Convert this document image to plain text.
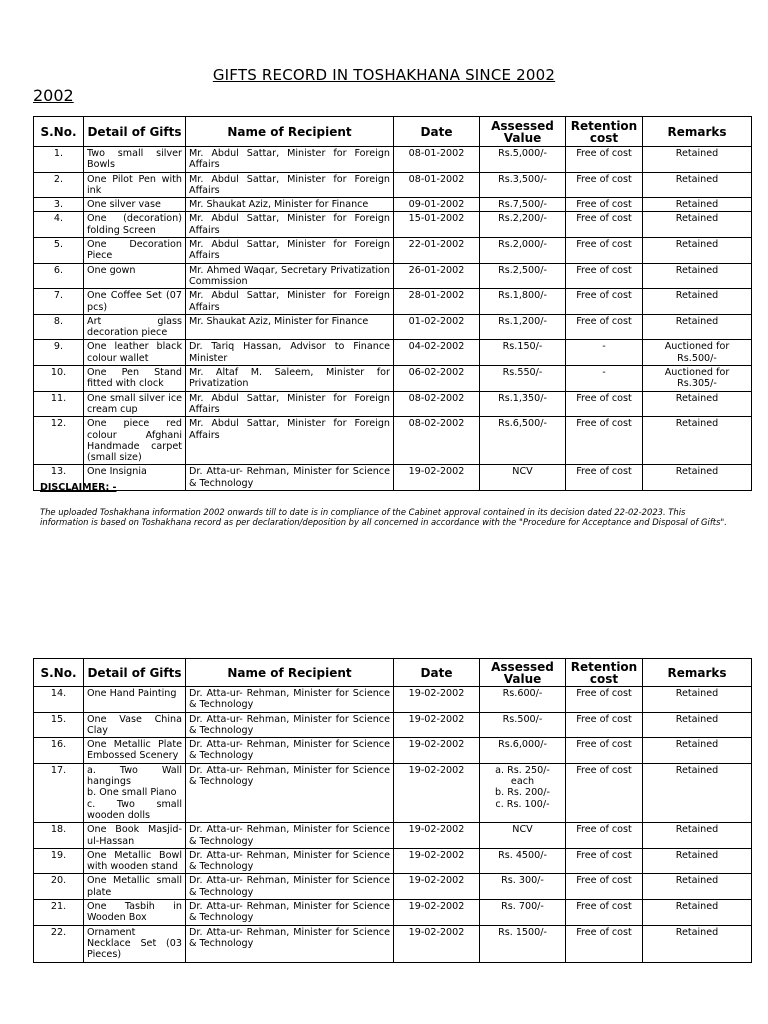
GIFTS RECORD IN TOSHAKHANA SINCE 2002
2002
S.No.	Detail of Gifts	Name of Recipient	Date	Assessed Value	Retention cost	Remarks
1.	Two small silver Bowls	Mr. Abdul Sattar, Minister for Foreign Affairs	08-01-2002	Rs.5,000/-	Free of cost	Retained
2.	One Pilot Pen with ink	Mr. Abdul Sattar, Minister for Foreign Affairs	08-01-2002	Rs.3,500/-	Free of cost	Retained
3.	One silver vase	Mr. Shaukat Aziz, Minister for Finance	09-01-2002	Rs.7,500/-	Free of cost	Retained
4.	One (decoration) folding Screen	Mr. Abdul Sattar, Minister for Foreign Affairs	15-01-2002	Rs.2,200/-	Free of cost	Retained
5.	One Decoration Piece	Mr. Abdul Sattar, Minister for Foreign Affairs	22-01-2002	Rs.2,000/-	Free of cost	Retained
6.	One gown	Mr. Ahmed Waqar, Secretary Privatization Commission	26-01-2002	Rs.2,500/-	Free of cost	Retained
7.	One Coffee Set (07 pcs)	Mr. Abdul Sattar, Minister for Foreign Affairs	28-01-2002	Rs.1,800/-	Free of cost	Retained
8.	Art glass decoration piece	Mr. Shaukat Aziz, Minister for Finance	01-02-2002	Rs.1,200/-	Free of cost	Retained
9.	One leather black colour wallet	Dr. Tariq Hassan, Advisor to Finance Minister	04-02-2002	Rs.150/-	-	Auctioned for Rs.500/-
10.	One Pen Stand fitted with clock	Mr. Altaf M. Saleem, Minister for Privatization	06-02-2002	Rs.550/-	-	Auctioned for Rs.305/-
11.	One small silver ice cream cup	Mr. Abdul Sattar, Minister for Foreign Affairs	08-02-2002	Rs.1,350/-	Free of cost	Retained
12.	One piece red colour Afghani Handmade carpet (small size)	Mr. Abdul Sattar, Minister for Foreign Affairs	08-02-2002	Rs.6,500/-	Free of cost	Retained
13.	One Insignia	Dr. Atta-ur- Rehman, Minister for Science & Technology	19-02-2002	NCV	Free of cost	Retained
DISCLAIMER: -
The uploaded Toshakhana information 2002 onwards till to date is in compliance of the Cabinet approval contained in its decision dated 22-02-2023. This information is based on Toshakhana record as per declaration/deposition by all concerned in accordance with the "Procedure for Acceptance and Disposal of Gifts".
S.No.	Detail of Gifts	Name of Recipient	Date	Assessed Value	Retention cost	Remarks
14.	One Hand Painting	Dr. Atta-ur- Rehman, Minister for Science & Technology	19-02-2002	Rs.600/-	Free of cost	Retained
15.	One Vase China Clay	Dr. Atta-ur- Rehman, Minister for Science & Technology	19-02-2002	Rs.500/-	Free of cost	Retained
16.	One Metallic Plate Embossed Scenery	Dr. Atta-ur- Rehman, Minister for Science & Technology	19-02-2002	Rs.6,000/-	Free of cost	Retained
17.	a. Two Wall hangings
b. One small Piano
c. Two small wooden dolls	Dr. Atta-ur- Rehman, Minister for Science & Technology	19-02-2002	a. Rs. 250/- each
b. Rs. 200/-
c. Rs. 100/-	Free of cost	Retained
18.	One Book Masjid-ul-Hassan	Dr. Atta-ur- Rehman, Minister for Science & Technology	19-02-2002	NCV	Free of cost	Retained
19.	One Metallic Bowl with wooden stand	Dr. Atta-ur- Rehman, Minister for Science & Technology	19-02-2002	Rs. 4500/-	Free of cost	Retained
20.	One Metallic small plate	Dr. Atta-ur- Rehman, Minister for Science & Technology	19-02-2002	Rs. 300/-	Free of cost	Retained
21.	One Tasbih in Wooden Box	Dr. Atta-ur- Rehman, Minister for Science & Technology	19-02-2002	Rs. 700/-	Free of cost	Retained
22.	Ornament Necklace Set (03 Pieces)	Dr. Atta-ur- Rehman, Minister for Science & Technology	19-02-2002	Rs. 1500/-	Free of cost	Retained
